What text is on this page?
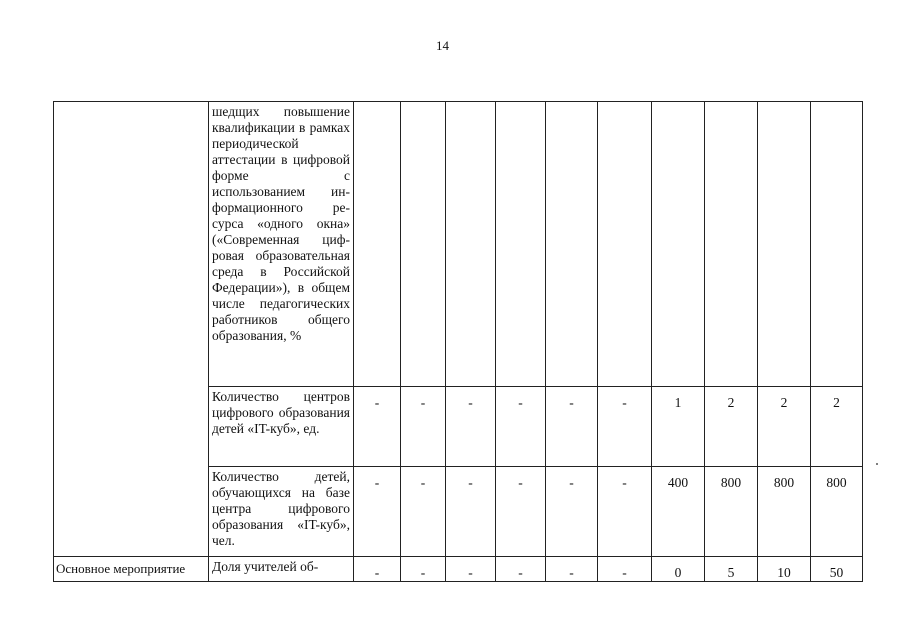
14
	шедщих повышение квалификации в рамках периодической аттестации в цифровой форме с использованием информационного ресурса «одного окна» («Современная цифровая образовательная среда в Российской Федерации»), в общем числе педагогических работников общего образования, %										
	Количество центров цифрового образования детей «IT-куб», ед.	-	-	-	-	-	-	1	2	2	2
	Количество детей, обучающихся на базе центра цифрового образования «IT-куб», чел.	-	-	-	-	-	-	400	800	800	800
Основное мероприятие	Доля учителей об-	-	-	-	-	-	-	0	5	10	50
